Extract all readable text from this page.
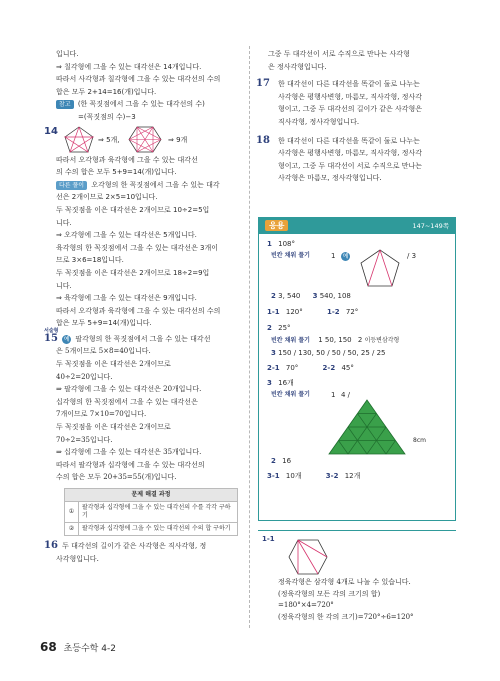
입니다.
⇒ 칠각형에 그을 수 있는 대각선은 14개입니다.
따라서 사각형과 칠각형에 그을 수 있는 대각선의 수의
합은 모두 2+14=16(개)입니다.
참고 (한 꼭짓점에서 그을 수 있는 대각선의 수)
=(꼭짓점의 수)−3
14
⇒ 5개,	⇒ 9개
따라서 오각형과 육각형에 그을 수 있는 대각선
의 수의 합은 모두 5+9=14(개)입니다.
다른 풀이 오각형의 한 꼭짓점에서 그을 수 있는 대각
선은 2개이므로 2×5=10입니다.
두 꼭짓점을 이은 대각선은 2개이므로 10÷2=5입
니다.
⇒ 오각형에 그을 수 있는 대각선은 5개입니다.
육각형의 한 꼭짓점에서 그을 수 있는 대각선은 3개이
므로 3×6=18입니다.
두 꼭짓점을 이은 대각선은 2개이므로 18÷2=9입
니다.
⇒ 육각형에 그을 수 있는 대각선은 9개입니다.
따라서 오각형과 육각형에 그을 수 있는 대각선의 수의
합은 모두 5+9=14(개)입니다.
서술형
15 예 팔각형의 한 꼭짓점에서 그을 수 있는 대각선
은 5개이므로 5×8=40입니다.
두 꼭짓점을 이은 대각선은 2개이므로
40÷2=20입니다.
⇒ 팔각형에 그을 수 있는 대각선은 20개입니다.
십각형의 한 꼭짓점에서 그을 수 있는 대각선은
7개이므로 7×10=70입니다.
두 꼭짓점을 이은 대각선은 2개이므로
70÷2=35입니다.
⇒ 십각형에 그을 수 있는 대각선은 35개입니다.
따라서 팔각형과 십각형에 그을 수 있는 대각선의
수의 합은 모두 20+35=55(개)입니다.
문제 해결 과정	
①	팔각형과 십각형에 그을 수 있는 대각선의 수를 각각 구하기
②	팔각형과 십각형에 그을 수 있는 대각선의 수의 합 구하기
16 두 대각선의 길이가 같은 사각형은 직사각형, 정
사각형입니다.
그중 두 대각선이 서로 수직으로 만나는 사각형
은 정사각형입니다.
17	한 대각선이 다른 대각선을 똑같이 둘로 나누는
사각형은 평행사변형, 마름모, 직사각형, 정사각
형이고, 그중 두 대각선의 길이가 같은 사각형은
직사각형, 정사각형입니다.
18	한 대각선이 다른 대각선을 똑같이 둘로 나누는
사각형은 평행사변형, 마름모, 직사각형, 정사각
형이고, 그중 두 대각선이 서로 수직으로 만나는
사각형은 마름모, 정사각형입니다.
응용	147~149쪽
1 108°
빈칸 채워 풀기	1 예	/ 3
2 3, 540 3 540, 108
1-1 120°	1-2 72°
2 25°
빈칸 채워 풀기 1 50, 150 2 이등변삼각형
3 150 / 130, 50 / 50 / 50, 25 / 25
2-1 70°	2-2 45°
3 16개
빈칸 채워 풀기	1 4 /
8cm
2 16
3-1 10개	3-2 12개
1-1
정육각형은 삼각형 4개로 나눌 수 있습니다.
(정육각형의 모든 각의 크기의 합)
=180°×4=720°
(정육각형의 한 각의 크기)=720°÷6=120°
68 초등수학 4-2
